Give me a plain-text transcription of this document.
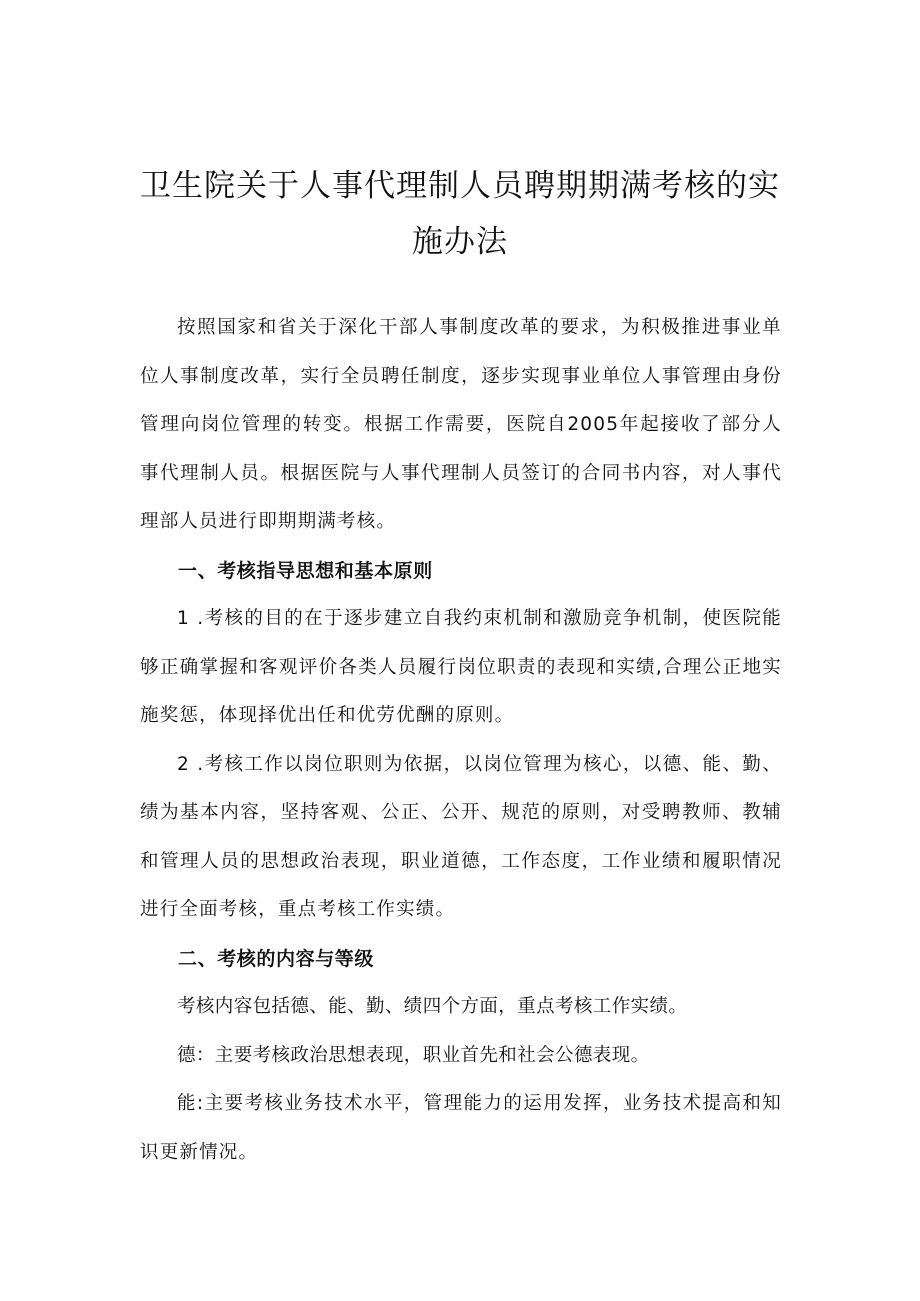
卫生院关于人事代理制人员聘期期满考核的实
施办法

按照国家和省关于深化干部人事制度改革的要求，为积极推进事业单位人事制度改革，实行全员聘任制度，逐步实现事业单位人事管理由身份管理向岗位管理的转变。根据工作需要，医院自2005年起接收了部分人事代理制人员。根据医院与人事代理制人员签订的合同书内容，对人事代理部人员进行即期期满考核。

一、考核指导思想和基本原则

1 .考核的目的在于逐步建立自我约束机制和激励竞争机制，使医院能够正确掌握和客观评价各类人员履行岗位职责的表现和实绩,合理公正地实施奖惩，体现择优出任和优劳优酬的原则。

2 .考核工作以岗位职则为依据，以岗位管理为核心，以德、能、勤、绩为基本内容，坚持客观、公正、公开、规范的原则，对受聘教师、教辅和管理人员的思想政治表现，职业道德，工作态度，工作业绩和履职情况进行全面考核，重点考核工作实绩。

二、考核的内容与等级

考核内容包括德、能、勤、绩四个方面，重点考核工作实绩。

德：主要考核政治思想表现，职业首先和社会公德表现。

能:主要考核业务技术水平，管理能力的运用发挥，业务技术提高和知识更新情况。
